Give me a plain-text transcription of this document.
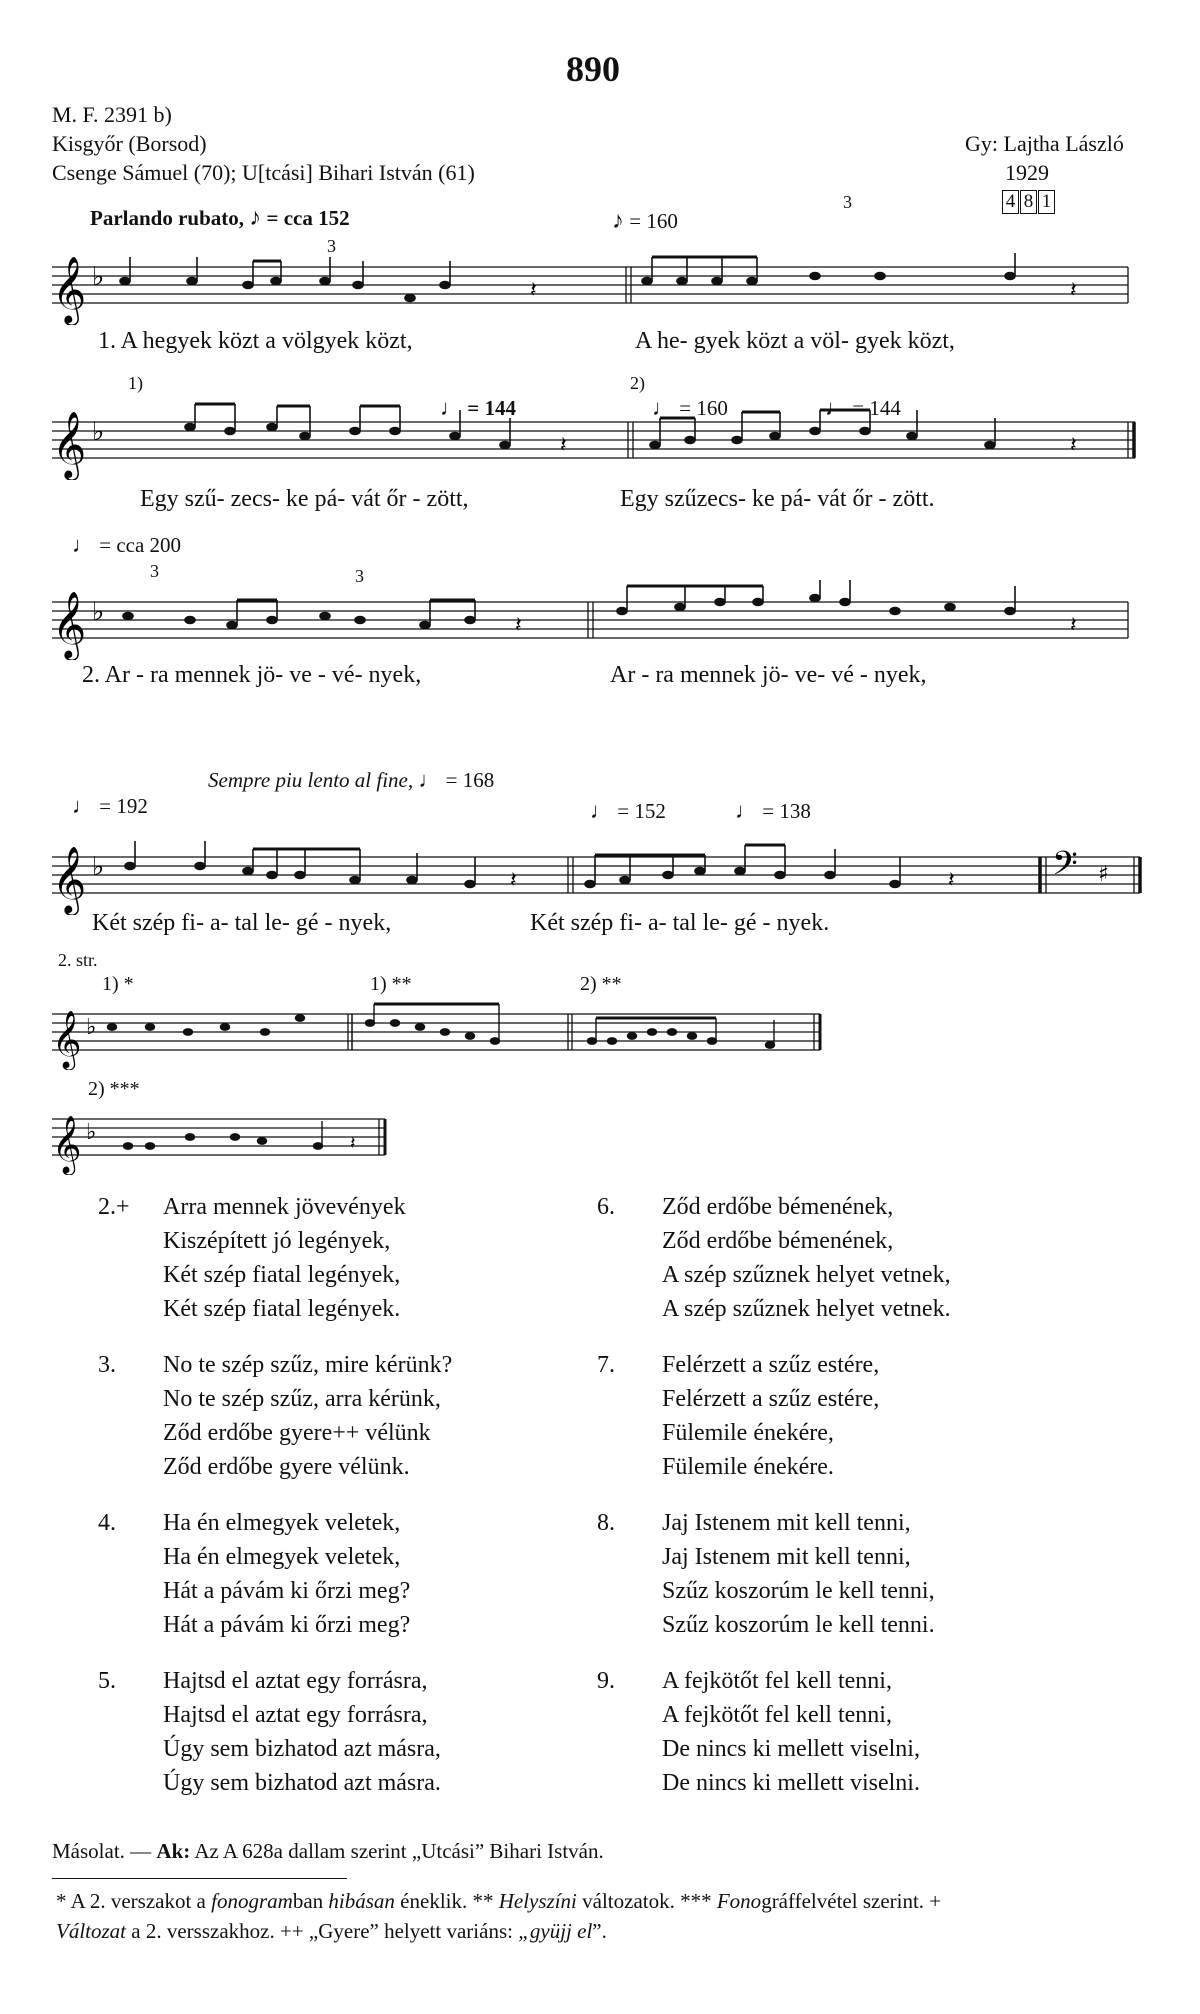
890
M. F. 2391 b)
Kisgyőr (Borsod)
Csenge Sámuel (70); U[tcási] Bihari István (61)
Gy: Lajtha László
1929
4 8 1
Parlando rubato, ♪ = cca 152	♪ = 160
♩ = 144	♩ = 160	♩ = 144
♩ = cca 200
Sempre piu lento al fine, ♩ = 168
♩ = 192	♩ = 152	♩ = 138
𝄞 ♭	𝄽	𝄽
3
3
1. A hegyek közt a völgyek közt,	A he- gyek közt a völ- gyek közt,
1)	2)
𝄞 ♭	𝄽	𝄽
Egy szű- zecs- ke pá- vát őr - zött,	Egy szűzecs- ke pá- vát őr - zött.
3	3
𝄞 ♭	𝄽	𝄽
2. Ar - ra mennek jö- ve - vé- nyek,	Ar - ra mennek jö- ve- vé - nyek,
𝄞 ♭	𝄢 ♯
𝄽	𝄽
Két szép fi- a- tal le- gé - nyek,	Két szép fi- a- tal le- gé - nyek.
2. str.
1) *	1) **	2) **
𝄞 ♭
2) ***
𝄞 ♭	𝄽
2.+ Arra mennek jövevények
Kiszépített jó legények,
Két szép fiatal legények,
Két szép fiatal legények.
3. No te szép szűz, mire kérünk?
No te szép szűz, arra kérünk,
Ződ erdőbe gyere++ vélünk
Ződ erdőbe gyere vélünk.
4. Ha én elmegyek veletek,
Ha én elmegyek veletek,
Hát a pávám ki őrzi meg?
Hát a pávám ki őrzi meg?
5. Hajtsd el aztat egy forrásra,
Hajtsd el aztat egy forrásra,
Úgy sem bizhatod azt másra,
Úgy sem bizhatod azt másra.
6. Ződ erdőbe bémenének,
Ződ erdőbe bémenének,
A szép szűznek helyet vetnek,
A szép szűznek helyet vetnek.
7. Felérzett a szűz estére,
Felérzett a szűz estére,
Fülemile énekére,
Fülemile énekére.
8. Jaj Istenem mit kell tenni,
Jaj Istenem mit kell tenni,
Szűz koszorúm le kell tenni,
Szűz koszorúm le kell tenni.
9. A fejkötőt fel kell tenni,
A fejkötőt fel kell tenni,
De nincs ki mellett viselni,
De nincs ki mellett viselni.
Másolat. — Ak: Az A 628a dallam szerint „Utcási” Bihari István.
* A 2. verszakot a fonogramban hibásan éneklik. ** Helyszíni változatok. *** Fonográffelvétel szerint. +
Változat a 2. versszakhoz. ++ „Gyere” helyett variáns: „gyüjj el”.
